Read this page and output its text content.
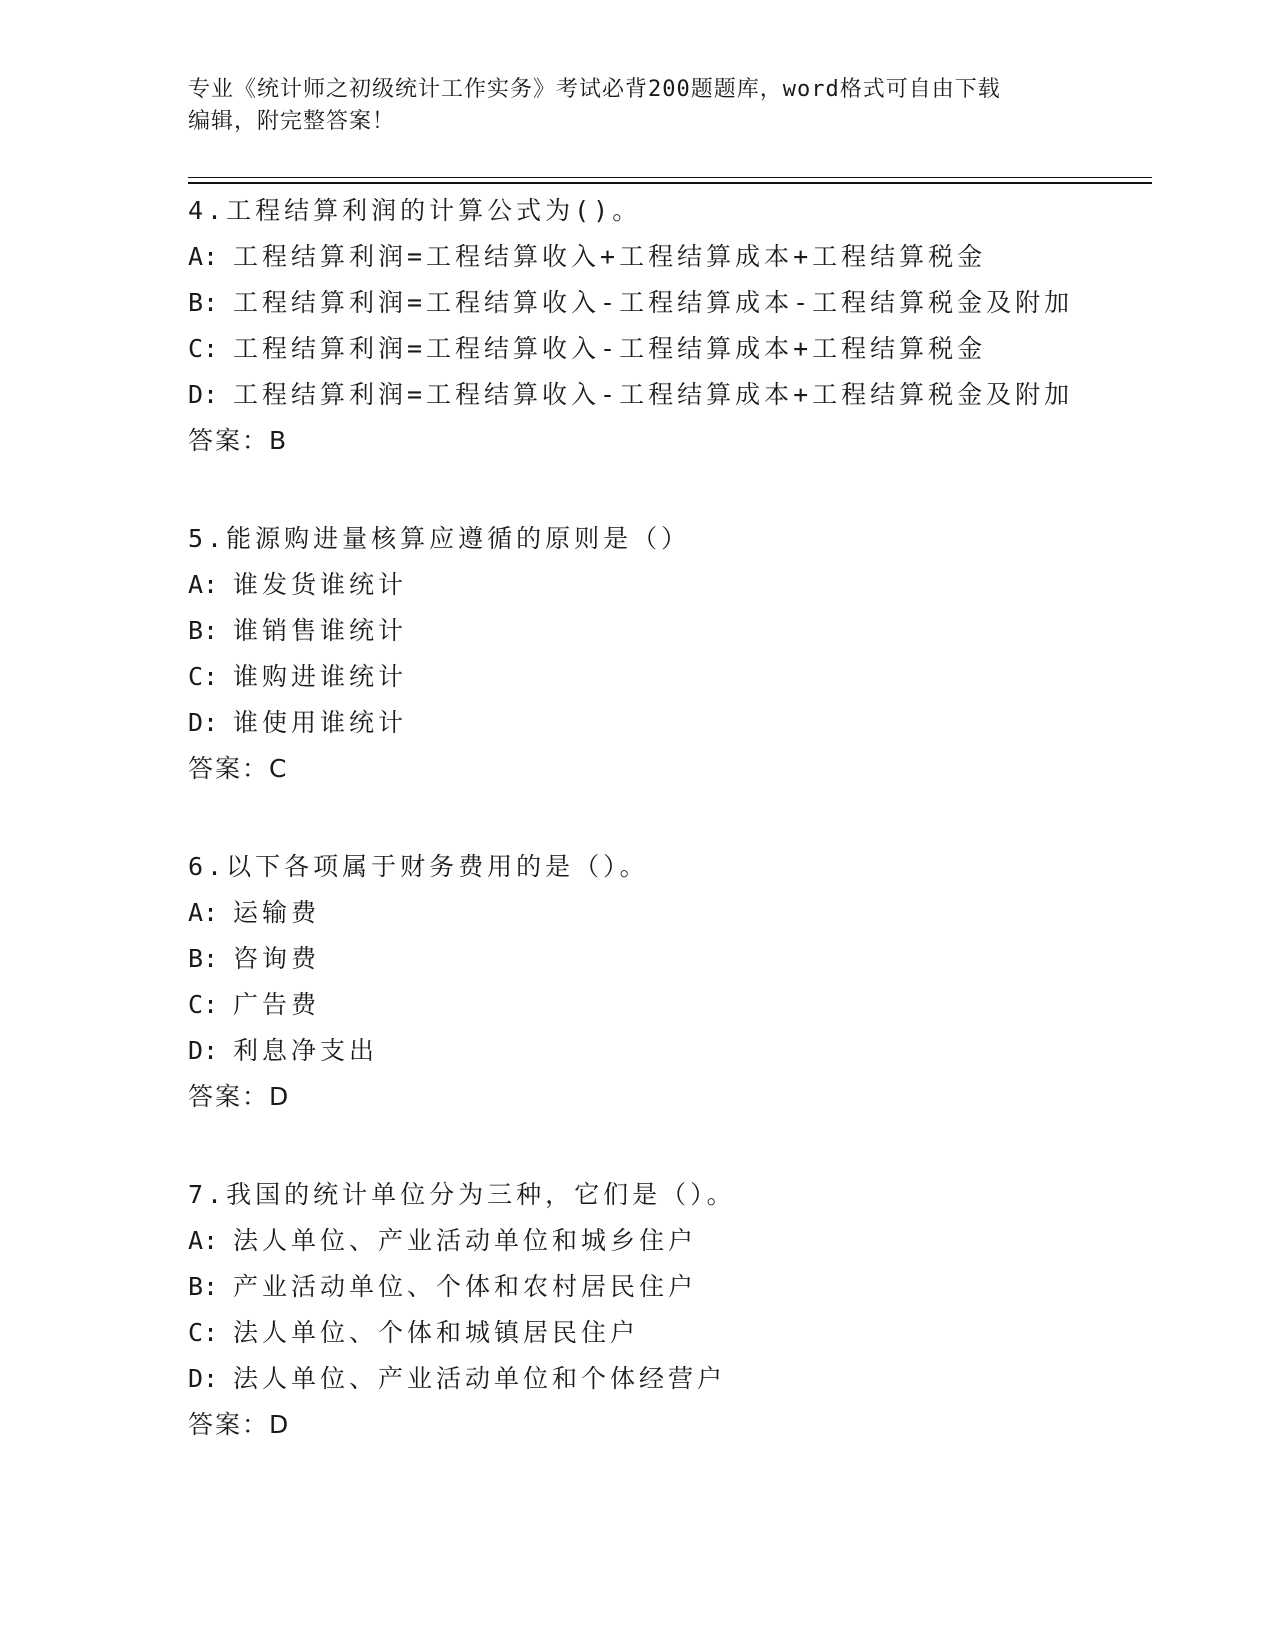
专业《统计师之初级统计工作实务》考试必背200题题库，word格式可自由下载
编辑，附完整答案！
4.工程结算利润的计算公式为()。
A: 工程结算利润=工程结算收入+工程结算成本+工程结算税金
B: 工程结算利润=工程结算收入-工程结算成本-工程结算税金及附加
C: 工程结算利润=工程结算收入-工程结算成本+工程结算税金
D: 工程结算利润=工程结算收入-工程结算成本+工程结算税金及附加
答案：B
5.能源购进量核算应遵循的原则是（）
A: 谁发货谁统计
B: 谁销售谁统计
C: 谁购进谁统计
D: 谁使用谁统计
答案：C
6.以下各项属于财务费用的是（）。
A: 运输费
B: 咨询费
C: 广告费
D: 利息净支出
答案：D
7.我国的统计单位分为三种，它们是（）。
A: 法人单位、产业活动单位和城乡住户
B: 产业活动单位、个体和农村居民住户
C: 法人单位、个体和城镇居民住户
D: 法人单位、产业活动单位和个体经营户
答案：D
